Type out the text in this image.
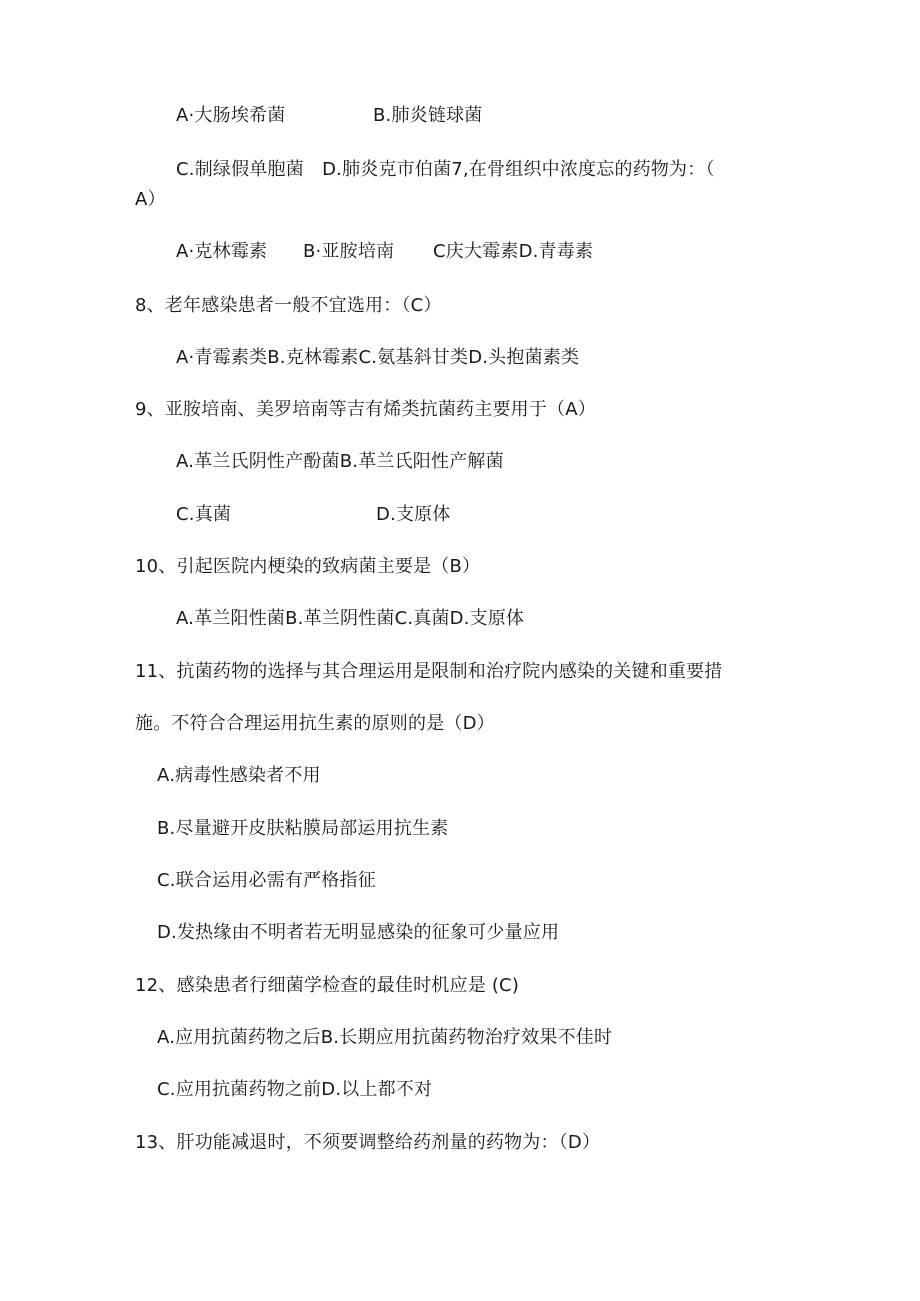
A·大肠埃希菌	B.肺炎链球菌
C.制绿假单胞菌　D.肺炎克市伯菌7,在骨组织中浓度忘的药物为：（
A）
A·克林霉素 B·亚胺培南 C庆大霉素D.青毒素
8、老年感染患者一般不宜选用：（C）
A·青霉素类B.克林霉素C.氨基斜甘类D.头抱菌素类
9、亚胺培南、美罗培南等吉有烯类抗菌药主要用于（A）
A.革兰氏阴性产酚菌B.革兰氏阳性产解菌
C.真菌	D.支原体
10、引起医院内梗染的致病菌主要是（B）
A.革兰阳性菌B.革兰阴性菌C.真菌D.支原体
11、抗菌药物的选择与其合理运用是限制和治疗院内感染的关键和重要措
施。不符合合理运用抗生素的原则的是（D）
A.病毒性感染者不用
B.尽量避开皮肤粘膜局部运用抗生素
C.联合运用必需有严格指征
D.发热缘由不明者若无明显感染的征象可少量应用
12、感染患者行细菌学检查的最佳时机应是 (C)
A.应用抗菌药物之后B.长期应用抗菌药物治疗效果不佳时
C.应用抗菌药物之前D.以上都不对
13、肝功能减退时，不须要调整给药剂量的药物为：（D）
